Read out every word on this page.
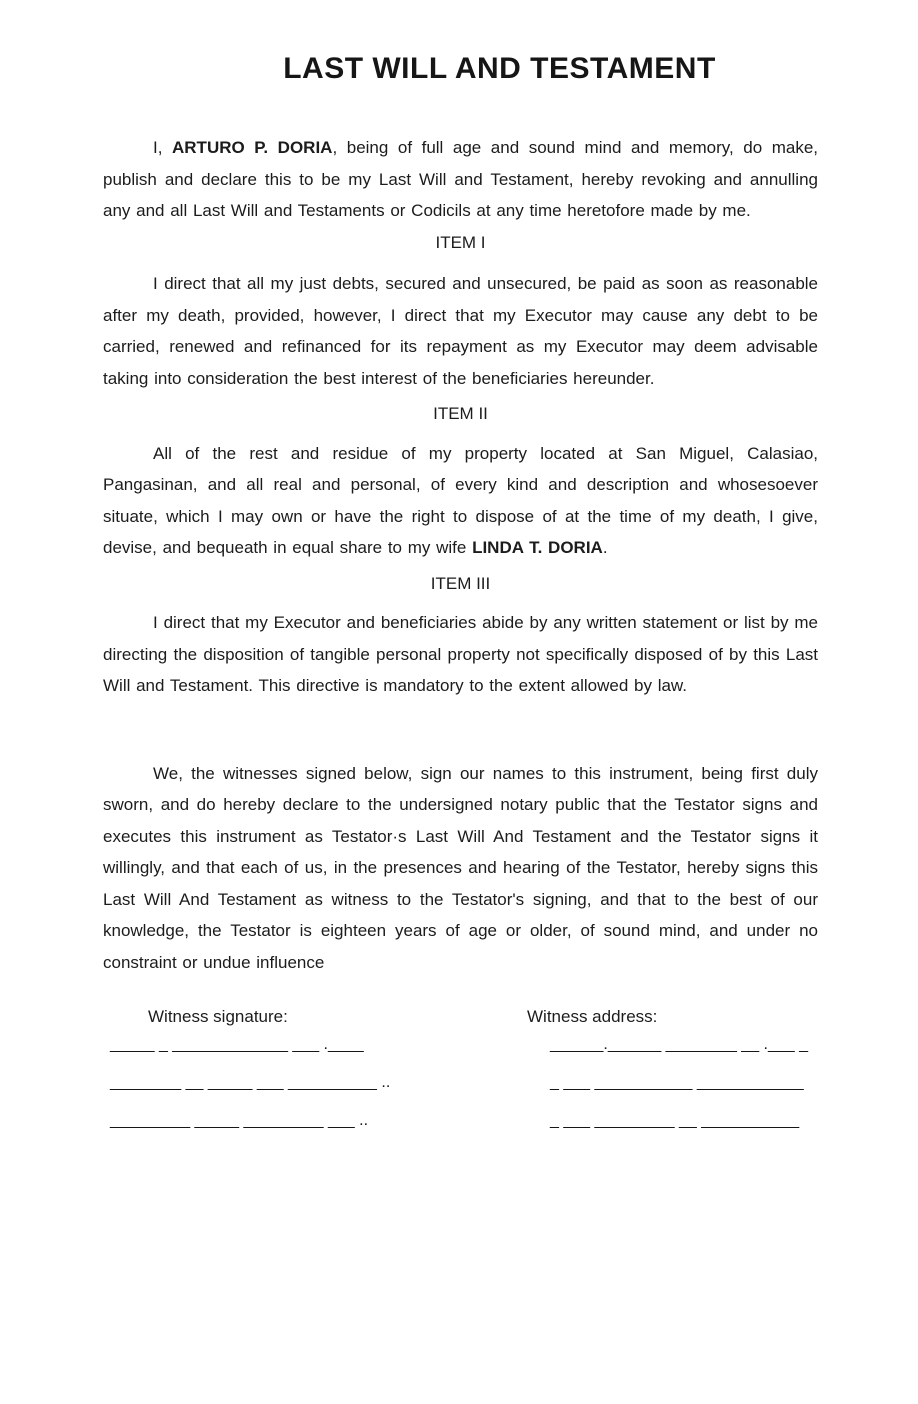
LAST WILL AND TESTAMENT

I, ARTURO P. DORIA, being of full age and sound mind and memory, do make, publish and declare this to be my Last Will and Testament, hereby revoking and annulling any and all Last Will and Testaments or Codicils at any time heretofore made by me.

ITEM I

I direct that all my just debts, secured and unsecured, be paid as soon as reasonable after my death, provided, however, I direct that my Executor may cause any debt to be carried, renewed and refinanced for its repayment as my Executor may deem advisable taking into consideration the best interest of the beneficiaries hereunder.

ITEM II

All of the rest and residue of my property located at San Miguel, Calasiao, Pangasinan, and all real and personal, of every kind and description and whosesoever situate, which I may own or have the right to dispose of at the time of my death, I give, devise, and bequeath in equal share to my wife LINDA T. DORIA.

ITEM III

I direct that my Executor and beneficiaries abide by any written statement or list by me directing the disposition of tangible personal property not specifically disposed of by this Last Will and Testament. This directive is mandatory to the extent allowed by law.

We, the witnesses signed below, sign our names to this instrument, being first duly sworn, and do hereby declare to the undersigned notary public that the Testator signs and executes this instrument as Testator·s Last Will And Testament and the Testator signs it willingly, and that each of us, in the presences and hearing of the Testator, hereby signs this Last Will And Testament as witness to the Testator's signing, and that to the best of our knowledge, the Testator is eighteen years of age or older, of sound mind, and under no constraint or undue influence

Witness signature:	Witness address:
_____ _ _____________ ___ .____	______.______ ________ __ .___ _
________ __ _____ ___ __________ ..	_ ___ ___________ ____________
_________ _____ _________ ___ ..	_ ___ _________ __ ___________
